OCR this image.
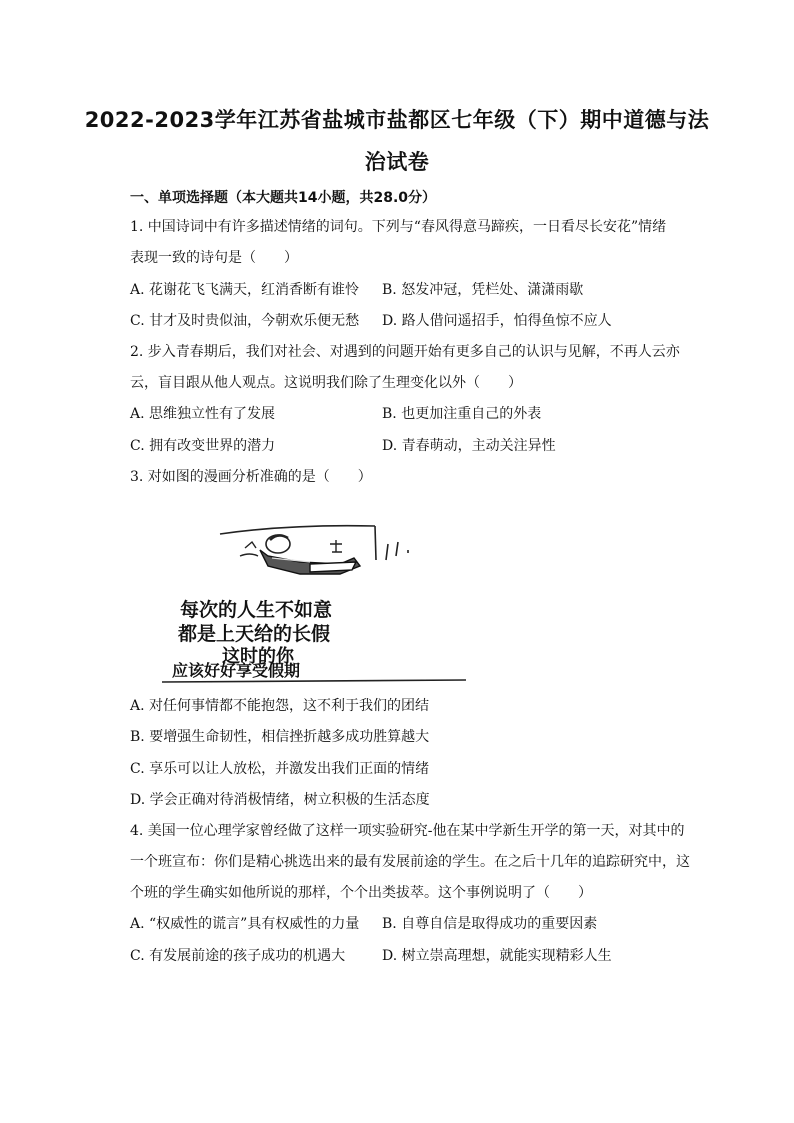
2022-2023学年江苏省盐城市盐都区七年级（下）期中道德与法
治试卷
一、单项选择题（本大题共14小题，共28.0分）
1. 中国诗词中有许多描述情绪的词句。下列与“春风得意马蹄疾，一日看尽长安花”情绪
表现一致的诗句是（　　）
A. 花谢花飞飞满天，红消香断有谁怜 B. 怒发冲冠，凭栏处、潇潇雨歇
C. 甘才及时贵似油，今朝欢乐便无愁 D. 路人借问遥招手，怕得鱼惊不应人
2. 步入青春期后，我们对社会、对遇到的问题开始有更多自己的认识与见解，不再人云亦
云，盲目跟从他人观点。这说明我们除了生理变化以外（　　）
A. 思维独立性有了发展	B. 也更加注重自己的外表
C. 拥有改变世界的潜力	D. 青春萌动，主动关注异性
3. 对如图的漫画分析准确的是（　　）
每次的人生不如意
都是上天给的长假
这时的你
应该好好享受假期
A. 对任何事情都不能抱怨，这不利于我们的团结
B. 要增强生命韧性，相信挫折越多成功胜算越大
C. 享乐可以让人放松，并激发出我们正面的情绪
D. 学会正确对待消极情绪，树立积极的生活态度
4. 美国一位心理学家曾经做了这样一项实验研究-他在某中学新生开学的第一天，对其中的
一个班宣布：你们是精心挑选出来的最有发展前途的学生。在之后十几年的追踪研究中，这
个班的学生确实如他所说的那样，个个出类拔萃。这个事例说明了（　　）
A. “权威性的谎言”具有权威性的力量 B. 自尊自信是取得成功的重要因素
C. 有发展前途的孩子成功的机遇大	D. 树立崇高理想，就能实现精彩人生
